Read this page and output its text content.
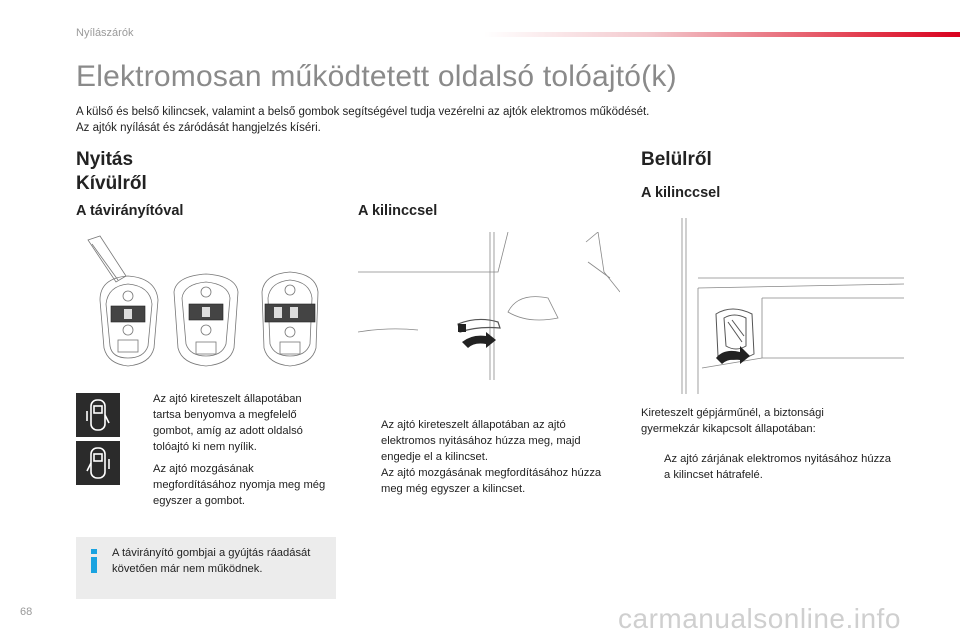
Nyílászárók
Elektromosan működtetett oldalsó tolóajtó(k)
A külső és belső kilincsek, valamint a belső gombok segítségével tudja vezérelni az ajtók elektromos működését.
Az ajtók nyílását és záródását hangjelzés kíséri.
Nyitás
Kívülről
A távirányítóval	A kilinccsel
Belülről
A kilinccsel
Az ajtó kireteszelt állapotában tartsa benyomva a megfelelő gombot, amíg az adott oldalsó tolóajtó ki nem nyílik.
Az ajtó mozgásának megfordításához nyomja meg még egyszer a gombot.
A távirányító gombjai a gyújtás ráadását követően már nem működnek.
Az ajtó kireteszelt állapotában az ajtó elektromos nyitásához húzza meg, majd engedje el a kilincset.
Az ajtó mozgásának megfordításához húzza meg még egyszer a kilincset.
Kireteszelt gépjárműnél, a biztonsági gyermekzár kikapcsolt állapotában:
Az ajtó zárjának elektromos nyitásához húzza a kilincset hátrafelé.
68	carmanualsonline.info
